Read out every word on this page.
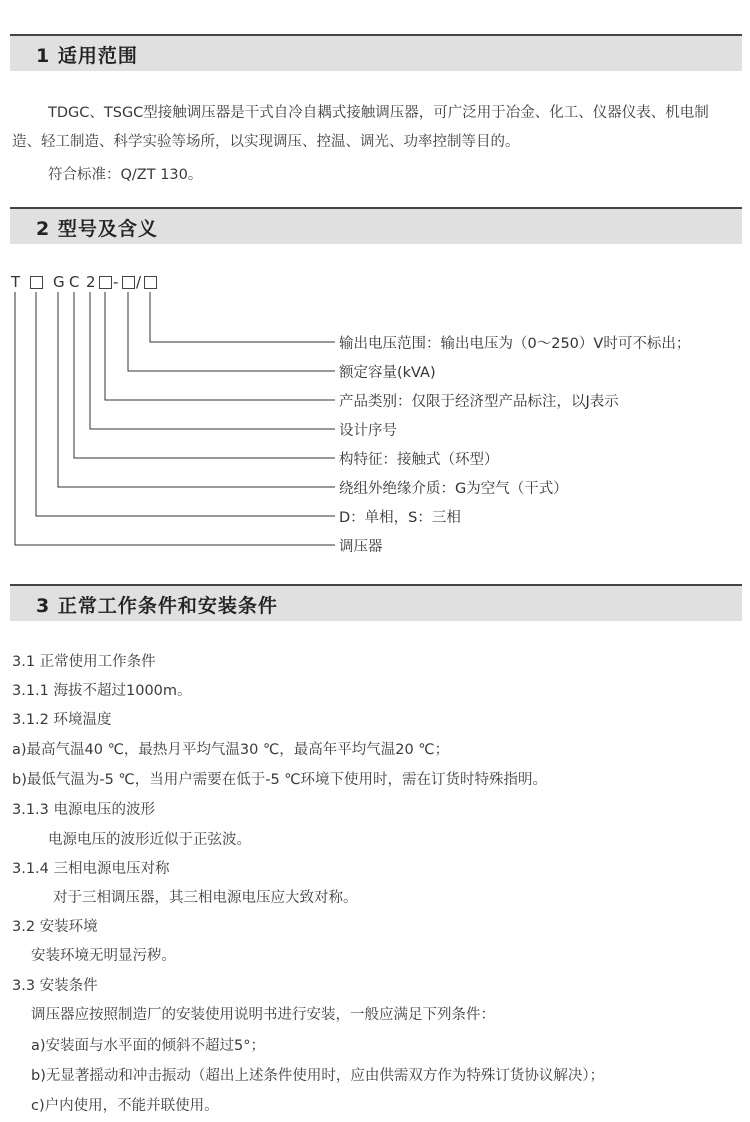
1 适用范围
TDGC、TSGC型接触调压器是干式自冷自耦式接触调压器，可广泛用于冶金、化工、仪器仪表、机电制造、轻工制造、科学实验等场所，以实现调压、控温、调光、功率控制等目的。
符合标准：Q/ZT 130。
2 型号及含义
T G C 2 - /
输出电压范围：输出电压为（0～250）V时可不标出；
额定容量(kVA)
产品类别：仅限于经济型产品标注，以J表示
设计序号
构特征：接触式（环型）
绕组外绝缘介质：G为空气（干式）
D：单相，S：三相
调压器
3 正常工作条件和安装条件
3.1 正常使用工作条件
3.1.1 海拔不超过1000m。
3.1.2 环境温度
a)最高气温40 ℃，最热月平均气温30 ℃，最高年平均气温20 ℃；
b)最低气温为-5 ℃，当用户需要在低于-5 ℃环境下使用时，需在订货时特殊指明。
3.1.3 电源电压的波形
电源电压的波形近似于正弦波。
3.1.4 三相电源电压对称
对于三相调压器，其三相电源电压应大致对称。
3.2 安装环境
安装环境无明显污秽。
3.3 安装条件
调压器应按照制造厂的安装使用说明书进行安装，一般应满足下列条件：
a)安装面与水平面的倾斜不超过5°；
b)无显著摇动和冲击振动（超出上述条件使用时，应由供需双方作为特殊订货协议解决）；
c)户内使用，不能并联使用。
